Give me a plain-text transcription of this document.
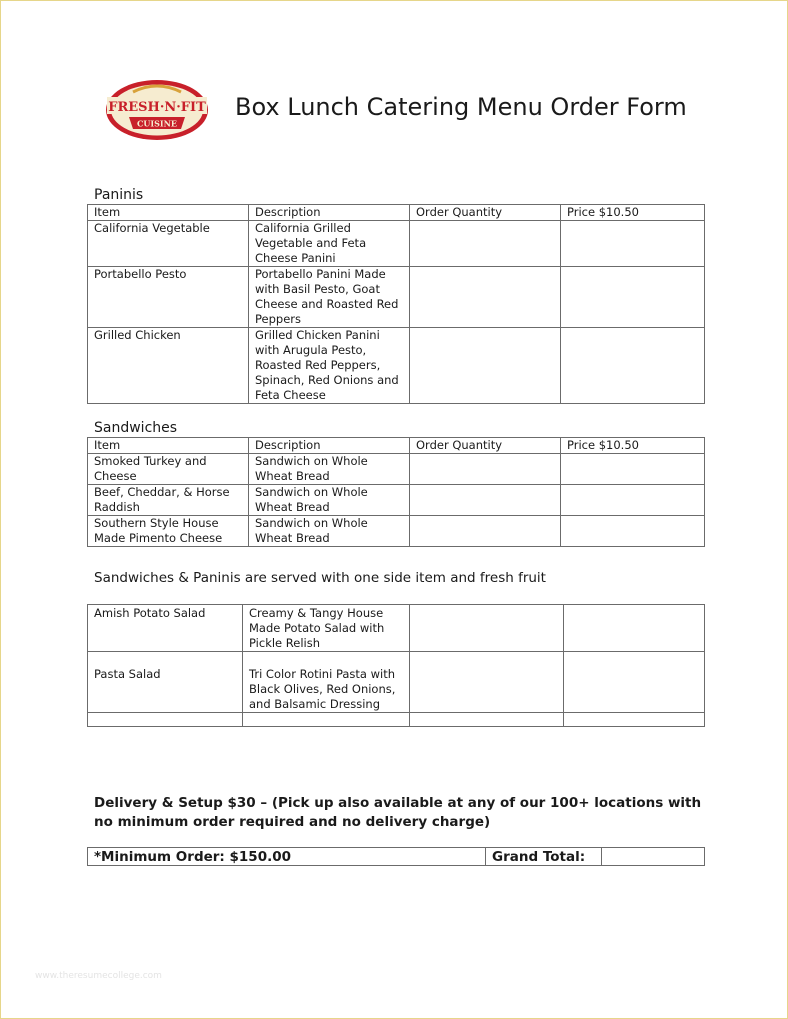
FRESH·N·FIT
CUISINE
Box Lunch Catering Menu Order Form
Paninis
Item	Description	Order Quantity	Price $10.50
California Vegetable	California Grilled Vegetable and Feta Cheese Panini		
Portabello Pesto	Portabello Panini Made with Basil Pesto, Goat Cheese and Roasted Red Peppers		
Grilled Chicken	Grilled Chicken Panini with Arugula Pesto, Roasted Red Peppers, Spinach, Red Onions and Feta Cheese		
Sandwiches
Item	Description	Order Quantity	Price $10.50
Smoked Turkey and Cheese	Sandwich on Whole Wheat Bread		
Beef, Cheddar, & Horse Raddish	Sandwich on Whole Wheat Bread		
Southern Style House Made Pimento Cheese	Sandwich on Whole Wheat Bread		
Sandwiches & Paninis are served with one side item and fresh fruit
Amish Potato Salad	Creamy & Tangy House Made Potato Salad with Pickle Relish		
Pasta Salad	Tri Color Rotini Pasta with Black Olives, Red Onions, and Balsamic Dressing		

Delivery & Setup $30 – (Pick up also available at any of our 100+ locations with no minimum order required and no delivery charge)
*Minimum Order: $150.00	Grand Total:	
www.theresumecollege.com
